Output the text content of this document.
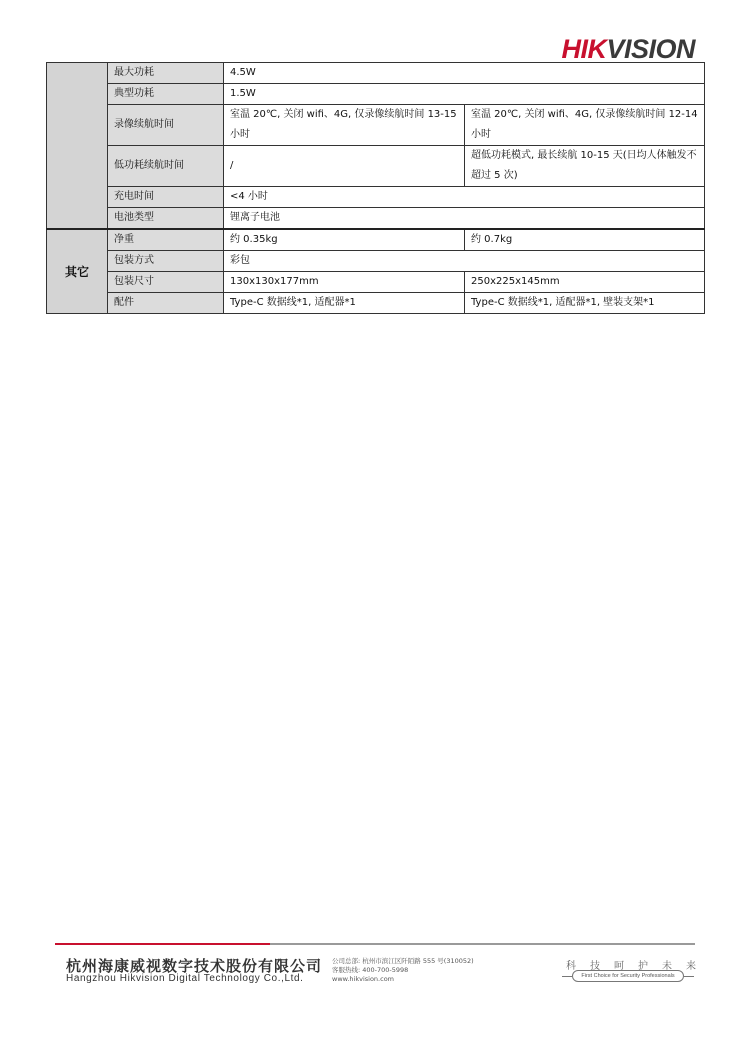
HIKVISION
	最大功耗	4.5W	
	典型功耗	1.5W	
	录像续航时间	室温 20℃, 关闭 wifi、4G, 仅录像续航时间 13-15 小时	室温 20℃, 关闭 wifi、4G, 仅录像续航时间 12-14 小时
	低功耗续航时间	/	超低功耗模式, 最长续航 10-15 天(日均人体触发不超过 5 次)
	充电时间	<4 小时	
	电池类型	锂离子电池	
其它	净重	约 0.35kg	约 0.7kg
	包装方式	彩包	
	包装尺寸	130x130x177mm	250x225x145mm
	配件	Type-C 数据线*1, 适配器*1	Type-C 数据线*1, 适配器*1, 壁装支架*1
杭州海康威视数字技术股份有限公司
Hangzhou Hikvision Digital Technology Co.,Ltd.
公司总部: 杭州市滨江区阡陌路 555 号(310052)
客服热线: 400-700-5998
www.hikvision.com
科技呵护未来
First Choice for Security Professionals
